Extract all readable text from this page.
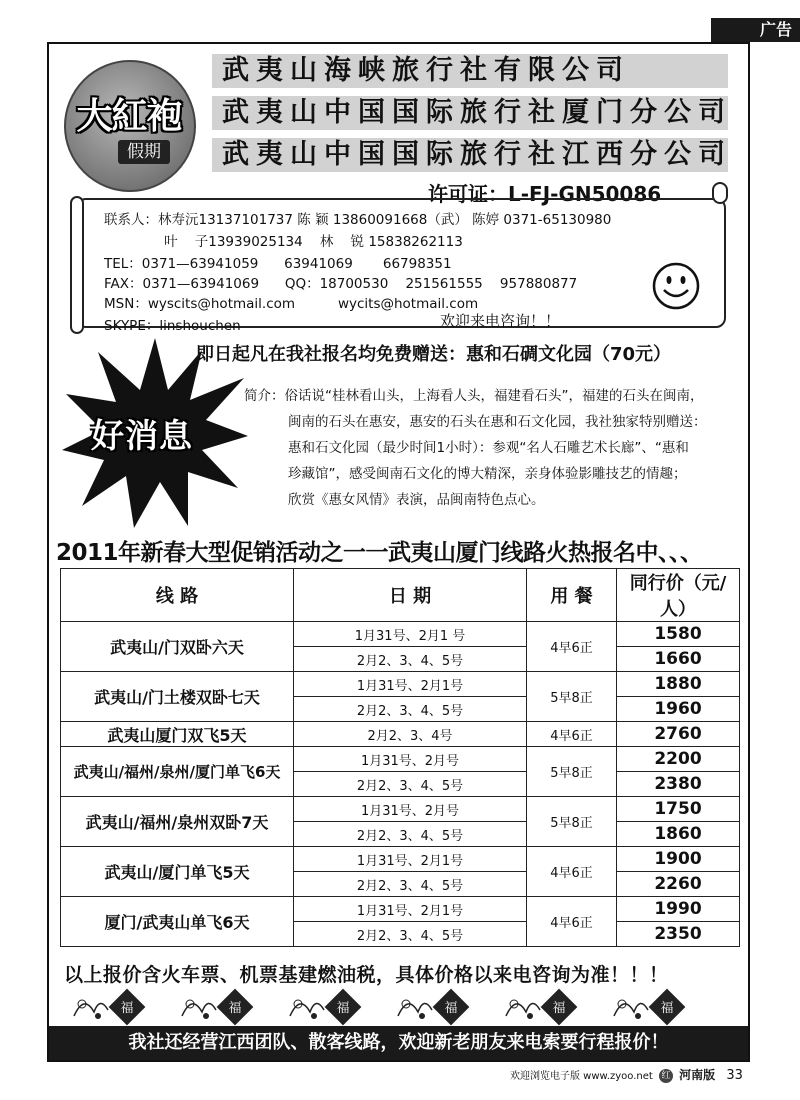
广告
大紅袍
假期
武夷山海峡旅行社有限公司
武夷山中国国际旅行社厦门分公司
武夷山中国国际旅行社江西分公司
许可证：L-FJ-GN50086
联系人：林寿沅13137101737 陈 颖 13860091668（武） 陈婷 0371-65130980
叶    子13939025134    林    锐 15838262113
TEL：0371—63941059      63941069       66798351
FAX：0371—63941069      QQ：18700530    251561555    957880877
MSN：wyscits@hotmail.com          wycits@hotmail.com
SKYPE：linshouchen	欢迎来电咨询！！
好消息
即日起凡在我社报名均免费赠送：惠和石碉文化园（70元）
简介：俗话说“桂林看山头，上海看人头，福建看石头”，福建的石头在闽南，
闽南的石头在惠安，惠安的石头在惠和石文化园，我社独家特别赠送：
惠和石文化园（最少时间1小时）：参观“名人石雕艺术长廊”、“惠和
珍藏馆”，感受闽南石文化的博大精深，亲身体验影雕技艺的情趣；
欣赏《惠女风情》表演，品闽南特色点心。
2011年新春大型促销活动之一一武夷山厦门线路火热报名中、、、
线 路	日 期	用 餐	同行价（元/人）
武夷山/门双卧六天	1月31号、2月1 号	4早6正	1580
	2月2、3、4、5号		1660
武夷山/门土楼双卧七天	1月31号、2月1号	5早8正	1880
	2月2、3、4、5号		1960
武夷山厦门双飞5天	2月2、3、4号	4早6正	2760
武夷山/福州/泉州/厦门单飞6天	1月31号、2月号	5早8正	2200
	2月2、3、4、5号		2380
武夷山/福州/泉州双卧7天	1月31号、2月号	5早8正	1750
	2月2、3、4、5号		1860
武夷山/厦门单飞5天	1月31号、2月1号	4早6正	1900
	2月2、3、4、5号		2260
厦门/武夷山单飞6天	1月31号、2月1号	4早6正	1990
	2月2、3、4、5号		2350
以上报价含火车票、机票基建燃油税，具体价格以来电咨询为准！！！
福	福	福	福	福	福
我社还经营江西团队、散客线路，欢迎新老朋友来电索要行程报价！
欢迎浏览电子版 www.zyoo.net 红 河南版 33
